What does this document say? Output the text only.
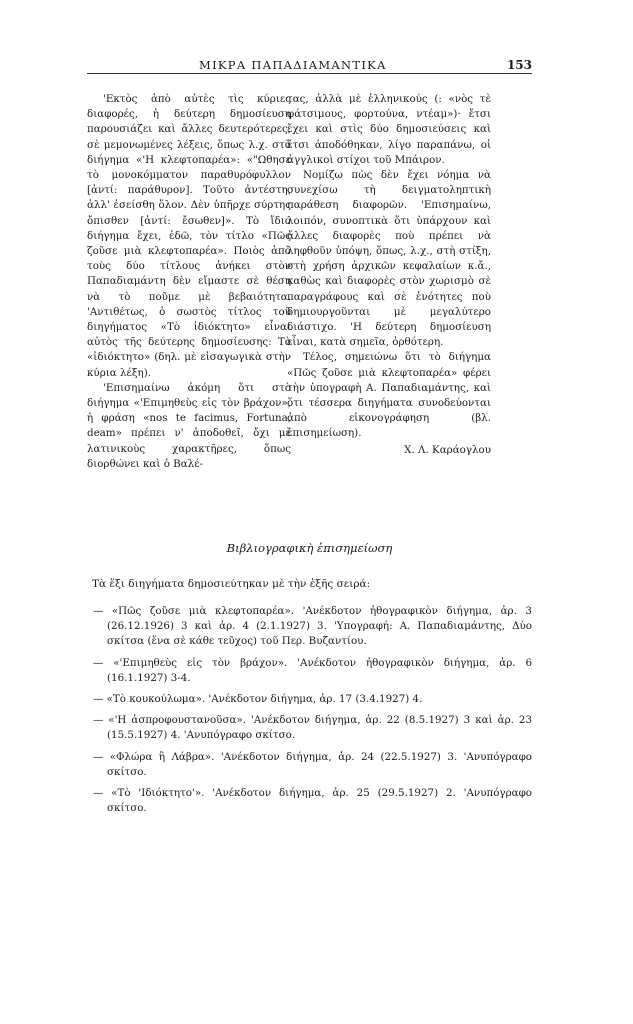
ΜΙΚΡΑ ΠΑΠΑΔΙΑΜΑΝΤΙΚΑ	153

'Εκτὸς ἀπὸ αὐτὲς τὶς κύριες διαφορές, ἡ δεύτερη δημοσίευση παρουσιάζει καὶ ἄλλες δευτερότερες, σὲ μεμονωμένες λέξεις, ὅπως λ.χ. στὸ διήγημα «'Η κλεφτοπαρέα»: «"Ωθησε τὸ μονοκόμματον παραθυρόφυλλον [ἀντί: παράθυρον]. Τοῦτο ἀντέστη, ἀλλ' ἐσείσθη ὅλον. Δὲν ὑπῆρχε σύρτης ὄπισθεν [ἀντί: ἔσωθεν]». Τὸ ἴδιο διήγημα ἔχει, ἐδῶ, τὸν τίτλο «Πῶς ζοῦσε μιὰ κλεφτοπαρέα». Ποιὸς ἀπὸ τοὺς δύο τίτλους ἀνήκει στὸν Παπαδιαμάντη δὲν εἴμαστε σὲ θέση νὰ τὸ ποῦμε μὲ βεβαιότητα. 'Αντιθέτως, ὁ σωστὸς τίτλος τοῦ διηγήματος «Τὸ ἰδιόκτητο» εἶναι αὐτὸς τῆς δεύτερης δημοσίευσης: Τὸ «ἰδιόκτητο» (δηλ. μὲ εἰσαγωγικὰ στὴν κύρια λέξη).

'Επισημαίνω ἀκόμη ὅτι στὸ διήγημα «'Επιμηθεὺς εἰς τὸν βράχον», ἡ φράση «nos te facimus, Fortuna, deam» πρέπει ν' ἀποδοθεῖ, ὄχι μὲ λατινικοὺς χαρακτῆρες, ὅπως διορθώνει καὶ ὁ Βαλέ-

τας, ἀλλὰ μὲ ἑλληνικούς (: «νὸς τὲ φάτσιμους, φορτούνα, ντέαμ»)· ἔτσι ἔχει καὶ στὶς δύο δημοσιεύσεις καὶ ἔτσι ἀποδόθηκαν, λίγο παραπάνω, οἱ ἀγγλικοὶ στίχοι τοῦ Μπάιρον.

Νομίζω πὼς δὲν ἔχει νόημα νὰ συνεχίσω τὴ δειγματοληπτικὴ παράθεση διαφορῶν. 'Επισημαίνω, λοιπόν, συνοπτικὰ ὅτι ὑπάρχουν καὶ ἄλλες διαφορὲς ποὺ πρέπει νὰ ληφθοῦν ὑπόψη, ὅπως, λ.χ., στὴ στίξη, στὴ χρήση ἀρχικῶν κεφαλαίων κ.ἄ., καθὼς καὶ διαφορὲς στὸν χωρισμὸ σὲ παραγράφους καὶ σὲ ἑνότητες ποὺ δημιουργοῦνται μὲ μεγαλύτερο διάστιχο. 'Η δεύτερη δημοσίευση εἶναι, κατὰ σημεῖα, ὀρθότερη.

Τέλος, σημειώνω ὅτι τὸ διήγημα «Πῶς ζοῦσε μιὰ κλεφτοπαρέα» φέρει τὴν ὑπογραφὴ Α. Παπαδιαμάντης, καὶ ὅτι τέσσερα διηγήματα συνοδεύονται ἀπὸ εἰκονογράφηση (βλ. ἐπισημείωση).

Χ. Λ. Καράογλου

Βιβλιογραφικὴ ἐπισημείωση
Τὰ ἕξι διηγήματα δημοσιεύτηκαν μὲ τὴν ἑξῆς σειρά:
— «Πῶς ζοῦσε μιὰ κλεφτοπαρέα». 'Ανέκδοτον ἠθογραφικὸν διήγημα, ἀρ. 3 (26.12.1926) 3 καὶ ἀρ. 4 (2.1.1927) 3. 'Υπογραφή: Α. Παπαδιαμάντης, Δύο σκίτσα (ἕνα σὲ κάθε τεῦχος) τοῦ Περ. Βυζαντίου.
— «'Επιμηθεὺς εἰς τὸν βράχον». 'Ανέκδοτον ἠθογραφικὸν διήγημα, ἀρ. 6 (16.1.1927) 3-4.
— «Τὸ κουκούλωμα». 'Ανέκδοτον διήγημα, ἀρ. 17 (3.4.1927) 4.
— «'Η ἀσπροφουστανοῦσα». 'Ανέκδοτον διήγημα, ἀρ. 22 (8.5.1927) 3 καὶ ἀρ. 23 (15.5.1927) 4. 'Ανυπόγραφο σκίτσο.
— «Φλώρα ἢ Λάβρα». 'Ανέκδοτον διήγημα, ἀρ. 24 (22.5.1927) 3. 'Ανυπόγραφο σκίτσο.
— «Τὸ 'Ιδιόκτητο'». 'Ανέκδοτον διήγημα, ἀρ. 25 (29.5.1927) 2. 'Ανυπόγραφο σκίτσο.
